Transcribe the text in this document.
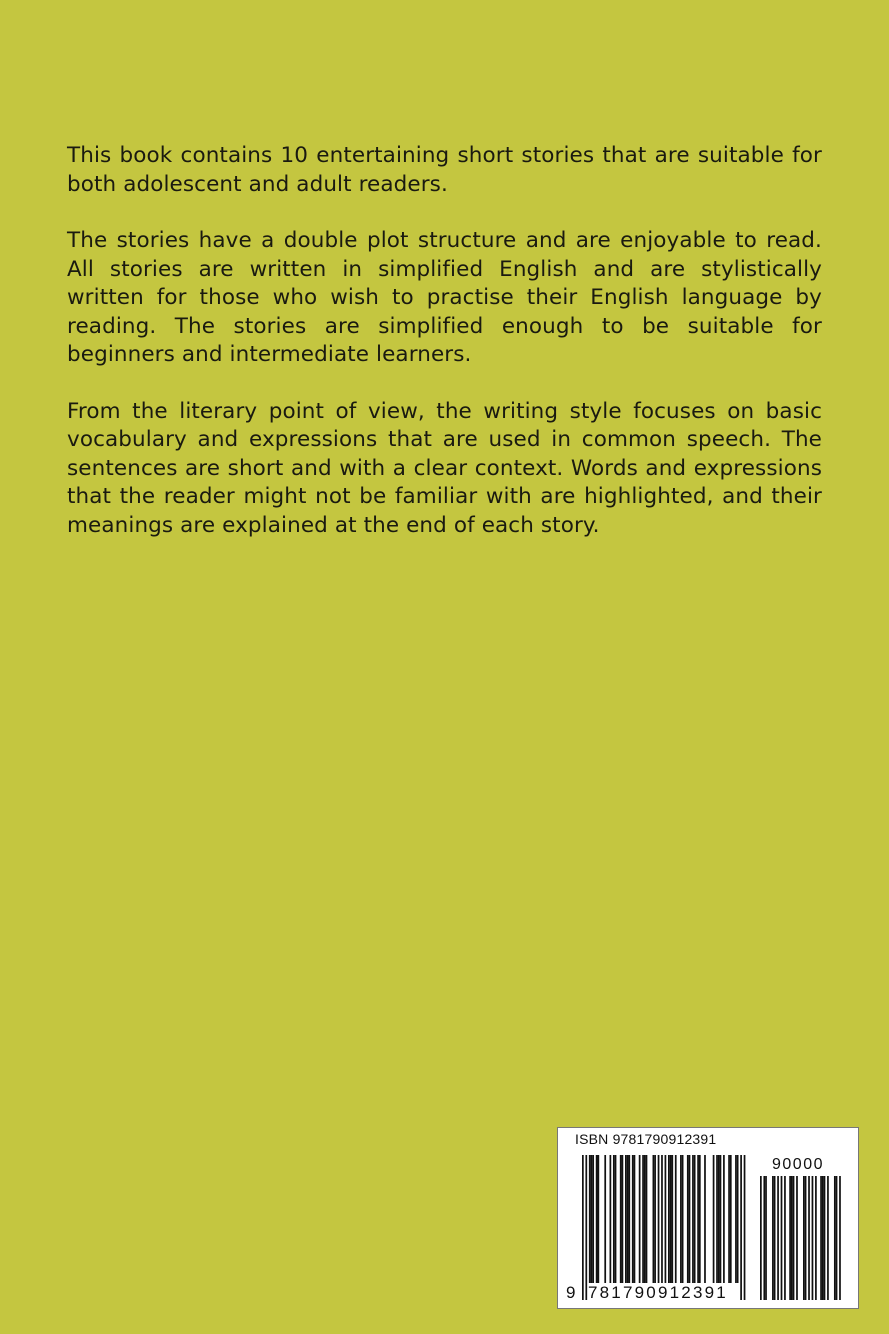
This book contains 10 entertaining short stories that are suitable for both adolescent and adult readers.

The stories have a double plot structure and are enjoyable to read. All stories are written in simplified English and are stylistically written for those who wish to practise their English language by reading. The stories are simplified enough to be suitable for beginners and intermediate learners.

From the literary point of view, the writing style focuses on basic vocabulary and expressions that are used in common speech. The sentences are short and with a clear context. Words and expressions that the reader might not be familiar with are highlighted, and their meanings are explained at the end of each story.

ISBN 9781790912391
90000
9 781790 912391
